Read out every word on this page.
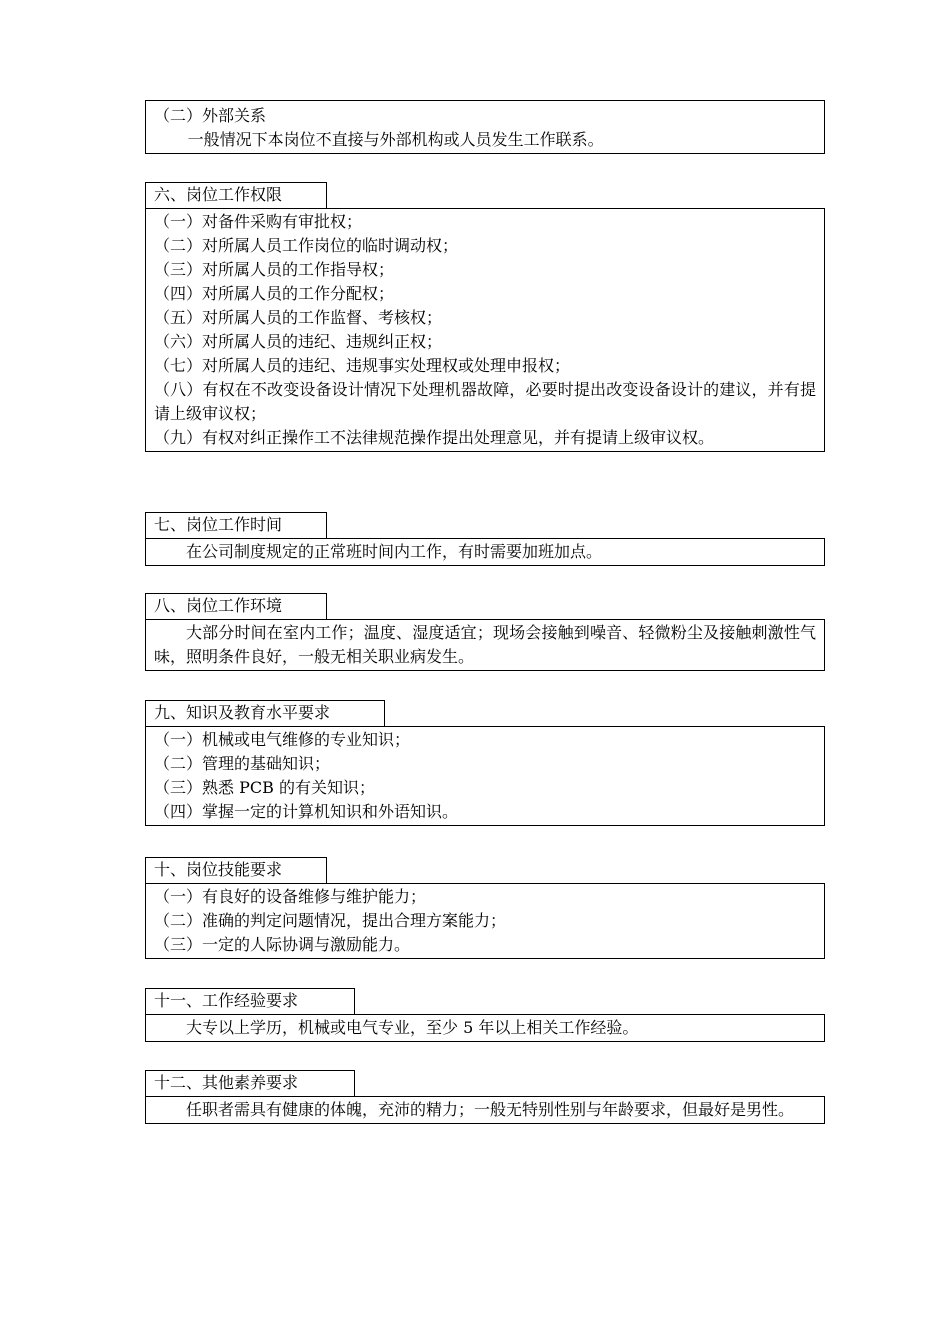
（二）外部关系
一般情况下本岗位不直接与外部机构或人员发生工作联系。
六、岗位工作权限
（一）对备件采购有审批权；
（二）对所属人员工作岗位的临时调动权；
（三）对所属人员的工作指导权；
（四）对所属人员的工作分配权；
（五）对所属人员的工作监督、考核权；
（六）对所属人员的违纪、违规纠正权；
（七）对所属人员的违纪、违规事实处理权或处理申报权；
（八）有权在不改变设备设计情况下处理机器故障，必要时提出改变设备设计的建议，并有提请上级审议权；
（九）有权对纠正操作工不法律规范操作提出处理意见，并有提请上级审议权。
七、岗位工作时间
在公司制度规定的正常班时间内工作，有时需要加班加点。
八、岗位工作环境
大部分时间在室内工作；温度、湿度适宜；现场会接触到噪音、轻微粉尘及接触刺激性气味，照明条件良好，一般无相关职业病发生。
九、知识及教育水平要求
（一）机械或电气维修的专业知识；
（二）管理的基础知识；
（三）熟悉 PCB 的有关知识；
（四）掌握一定的计算机知识和外语知识。
十、岗位技能要求
（一）有良好的设备维修与维护能力；
（二）准确的判定问题情况，提出合理方案能力；
（三）一定的人际协调与激励能力。
十一、工作经验要求
大专以上学历，机械或电气专业，至少 5 年以上相关工作经验。
十二、其他素养要求
任职者需具有健康的体魄，充沛的精力；一般无特别性别与年龄要求，但最好是男性。
